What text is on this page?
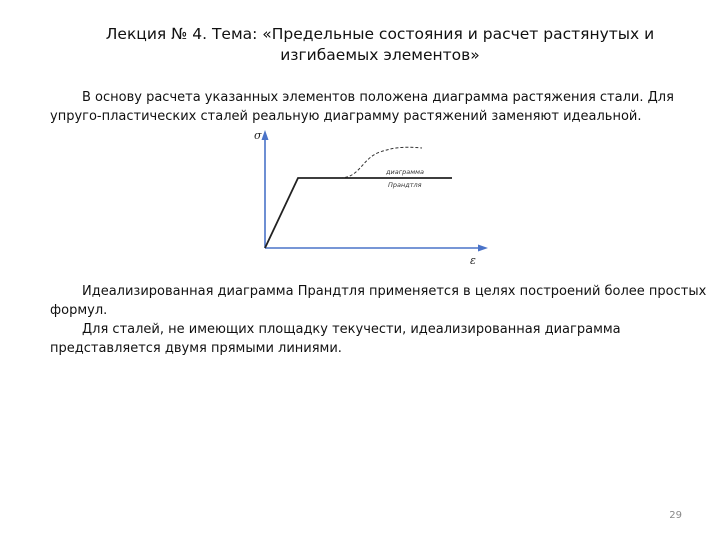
Лекция № 4. Тема: «Предельные состояния и расчет растянутых и изгибаемых элементов»

В основу расчета указанных элементов положена диаграмма растяжения стали. Для упруго-пластических сталей реальную диаграмму растяжений заменяют идеальной.

σ
ε
диаграмма
Прандтля

Идеализированная диаграмма Прандтля применяется в целях построений более простых формул.

Для сталей, не имеющих площадку текучести, идеализированная диаграмма представляется двумя прямыми линиями.

29
